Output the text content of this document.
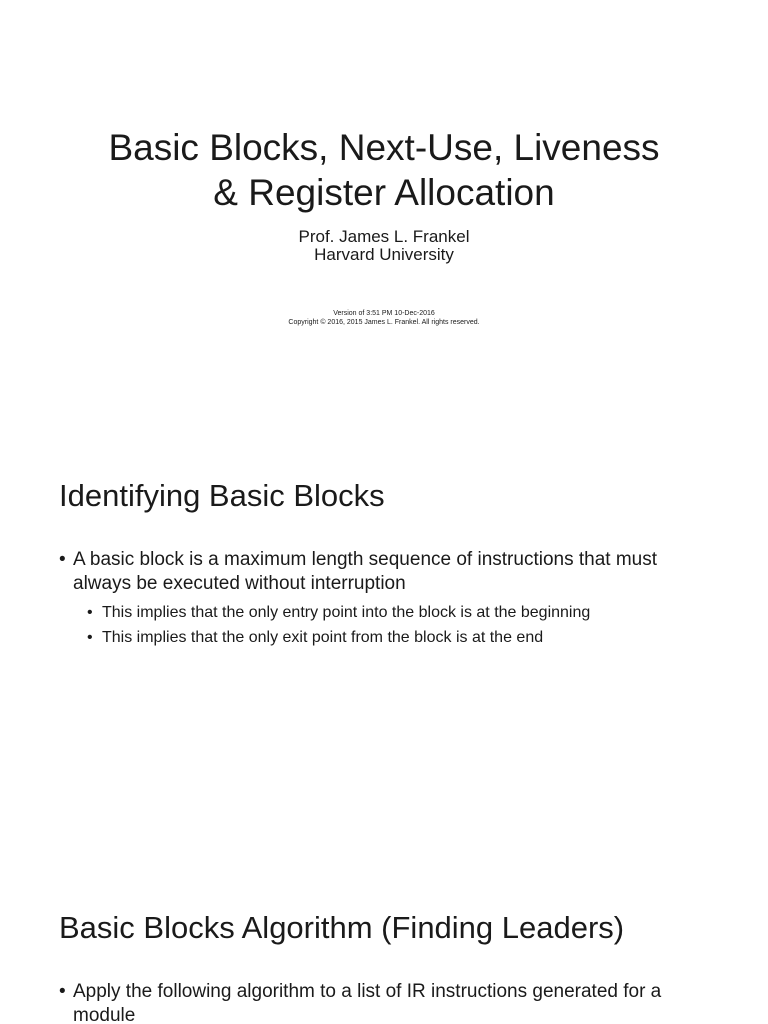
Basic Blocks, Next-Use, Liveness
& Register Allocation
Prof. James L. Frankel
Harvard University
Version of 3:51 PM 10-Dec-2016
Copyright © 2016, 2015 James L. Frankel. All rights reserved.
Identifying Basic Blocks
• A basic block is a maximum length sequence of instructions that must always be executed without interruption
• This implies that the only entry point into the block is at the beginning
• This implies that the only exit point from the block is at the end
Basic Blocks Algorithm (Finding Leaders)
• Apply the following algorithm to a list of IR instructions generated for a module
